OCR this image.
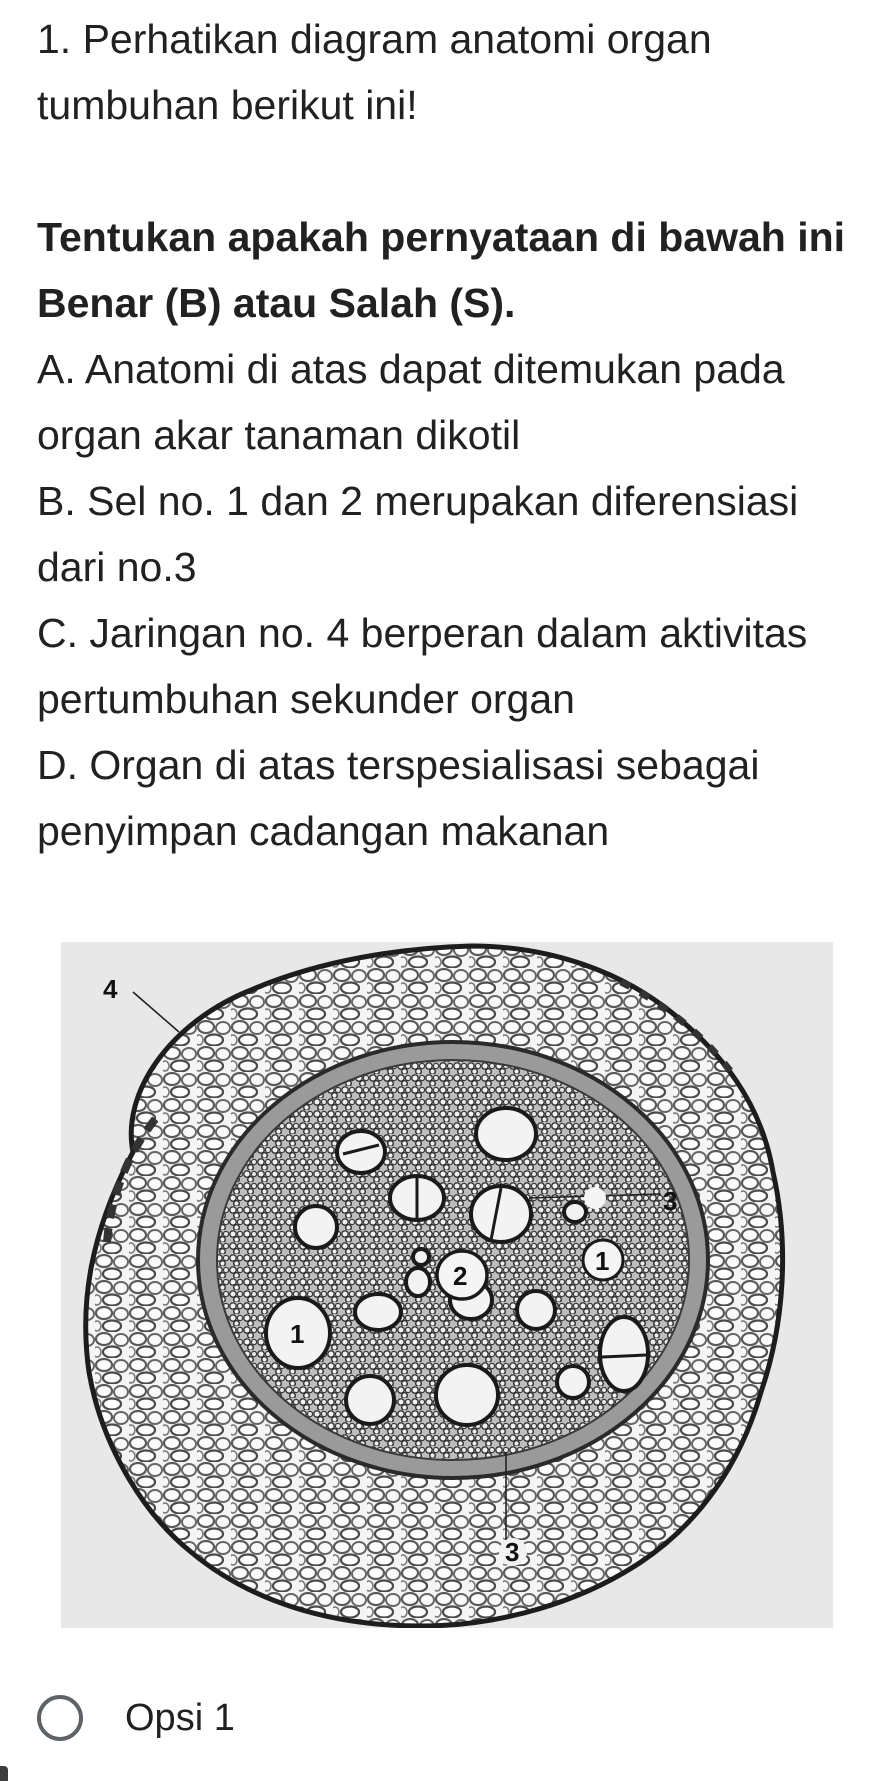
1. Perhatikan diagram anatomi organ tumbuhan berikut ini!

Tentukan apakah pernyataan di bawah ini Benar (B) atau Salah (S).

A. Anatomi di atas dapat ditemukan pada organ akar tanaman dikotil
B. Sel no. 1 dan 2 merupakan diferensiasi dari no.3
C. Jaringan no. 4 berperan dalam aktivitas pertumbuhan sekunder organ
D. Organ di atas terspesialisasi sebagai penyimpan cadangan makanan
4
3
1
2
1
3
Opsi 1
